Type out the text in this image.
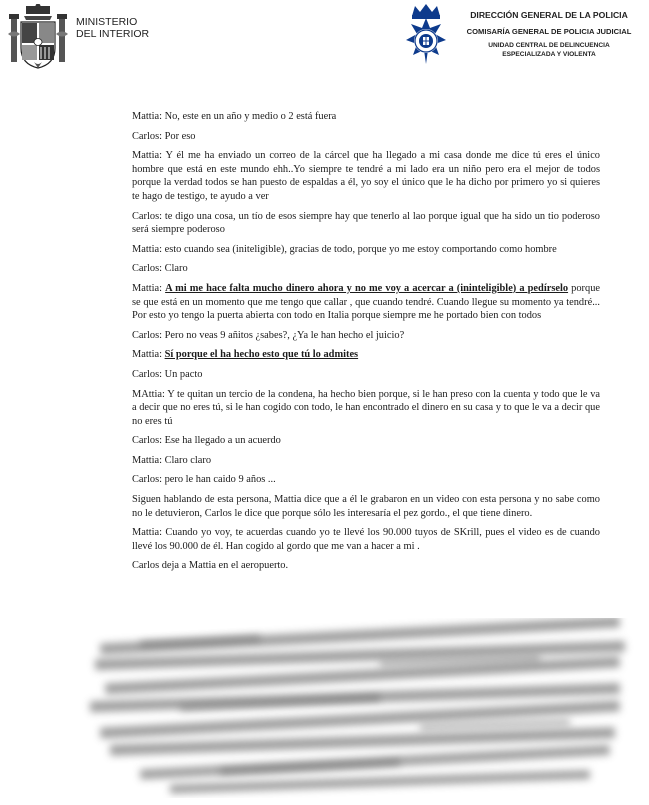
MINISTERIO
DEL INTERIOR
DIRECCIÓN GENERAL DE LA POLICIA
COMISARÍA GENERAL DE POLICIA JUDICIAL
UNIDAD CENTRAL DE DELINCUENCIA
ESPECIALIZADA Y VIOLENTA

Mattia: No, este en un año y medio o 2 está fuera

Carlos: Por eso

Mattia: Y él me ha enviado un correo de la cárcel que ha llegado a mi casa donde me dice tú eres el único hombre que está en este mundo ehh..Yo siempre te tendré a mi lado era un niño pero era el mejor de todos porque la verdad todos se han puesto de espaldas a él, yo soy el único que le ha dicho por primero yo si quieres te hago de testigo, te ayudo a ver

Carlos: te digo una cosa, un tío de esos siempre hay que tenerlo al lao porque igual que ha sido un tio poderoso será siempre poderoso

Mattia: esto cuando sea (initeligible), gracias de todo, porque yo me estoy comportando como hombre

Carlos: Claro

Mattia: A mi me hace falta mucho dinero ahora y no me voy a acercar a (ininteligible) a pedírselo porque se que está en un momento que me tengo que callar , que cuando tendré. Cuando llegue su momento ya tendré... Por esto yo tengo la puerta abierta con todo en Italia porque siempre me he portado bien con todos

Carlos: Pero no veas 9 añitos ¿sabes?, ¿Ya le han hecho el juicio?

Mattia: Sí porque el ha hecho esto que tú lo admites

Carlos: Un pacto

MAttia: Y te quitan un tercio de la condena, ha hecho bien porque, si le han preso con la cuenta y todo que le va a decir que no eres tú, si le han cogido con todo, le han encontrado el dinero en su casa y to que le va a decir que no eres tú

Carlos: Ese ha llegado a un acuerdo

Mattia: Claro claro

Carlos: pero le han caido 9 años ...

Siguen hablando de esta persona, Mattia dice que a él le grabaron en un video con esta persona y no sabe como no le detuvieron, Carlos le dice que porque sólo les interesaría el pez gordo., el que tiene dinero.

Mattia: Cuando yo voy, te acuerdas cuando yo te llevé los 90.000 tuyos de SKrill, pues el video es de cuando llevé los 90.000 de él. Han cogido al gordo que me van a hacer a mi .

Carlos deja a Mattia en el aeropuerto.
